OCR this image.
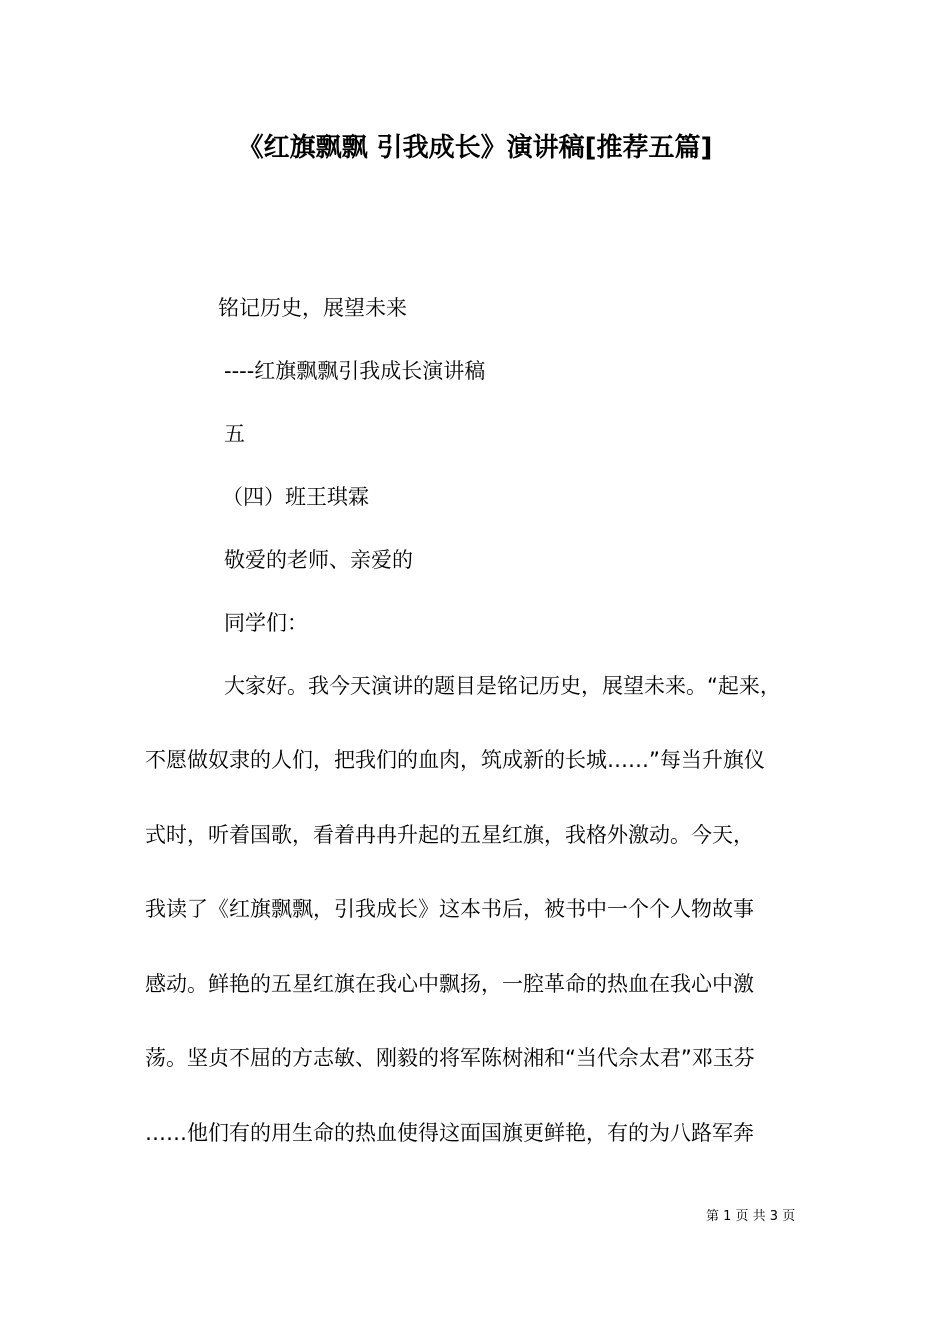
《红旗飘飘 引我成长》演讲稿[推荐五篇]
铭记历史，展望未来
----红旗飘飘引我成长演讲稿
五
（四）班王琪霖
敬爱的老师、亲爱的
同学们：
大家好。我今天演讲的题目是铭记历史，展望未来。“起来，
不愿做奴隶的人们，把我们的血肉，筑成新的长城……”每当升旗仪
式时，听着国歌，看着冉冉升起的五星红旗，我格外激动。今天，
我读了《红旗飘飘，引我成长》这本书后，被书中一个个人物故事
感动。鲜艳的五星红旗在我心中飘扬，一腔革命的热血在我心中激
荡。坚贞不屈的方志敏、刚毅的将军陈树湘和“当代佘太君”邓玉芬
……他们有的用生命的热血使得这面国旗更鲜艳，有的为八路军奔
第 1 页 共 3 页
